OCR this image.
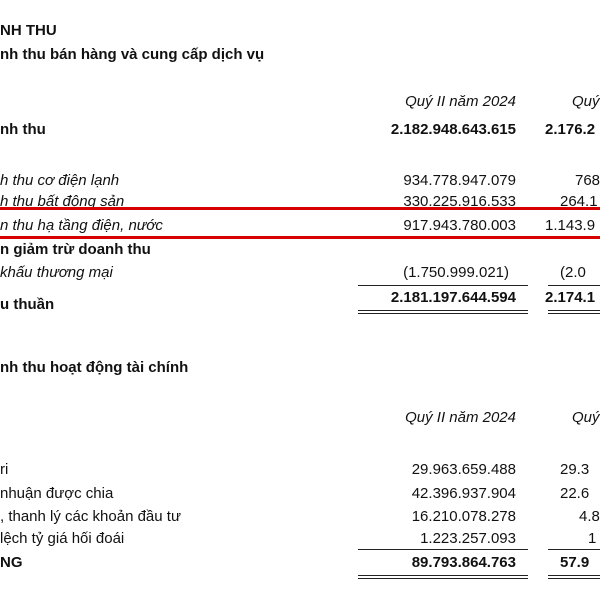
NH THU
nh thu bán hàng và cung cấp dịch vụ
Quý II năm 2024	Quý
nh thu	2.182.948.643.615 2.176.2
h thu cơ điện lạnh	934.778.947.079	768
h thu bất động sản	330.225.916.533	264.1
n thu hạ tầng điện, nước	917.943.780.003 1.143.9
n giảm trừ doanh thu
khấu thương mại	(1.750.999.021)	(2.0
u thuần	2.181.197.644.594 2.174.1
nh thu hoạt động tài chính
Quý II năm 2024	Quý
ri	29.963.659.488	29.3
nhuận được chia	42.396.937.904	22.6
, thanh lý các khoản đầu tư	16.210.078.278	4.8
lệch tỷ giá hối đoái	1.223.257.093	1
NG	89.793.864.763	57.9
